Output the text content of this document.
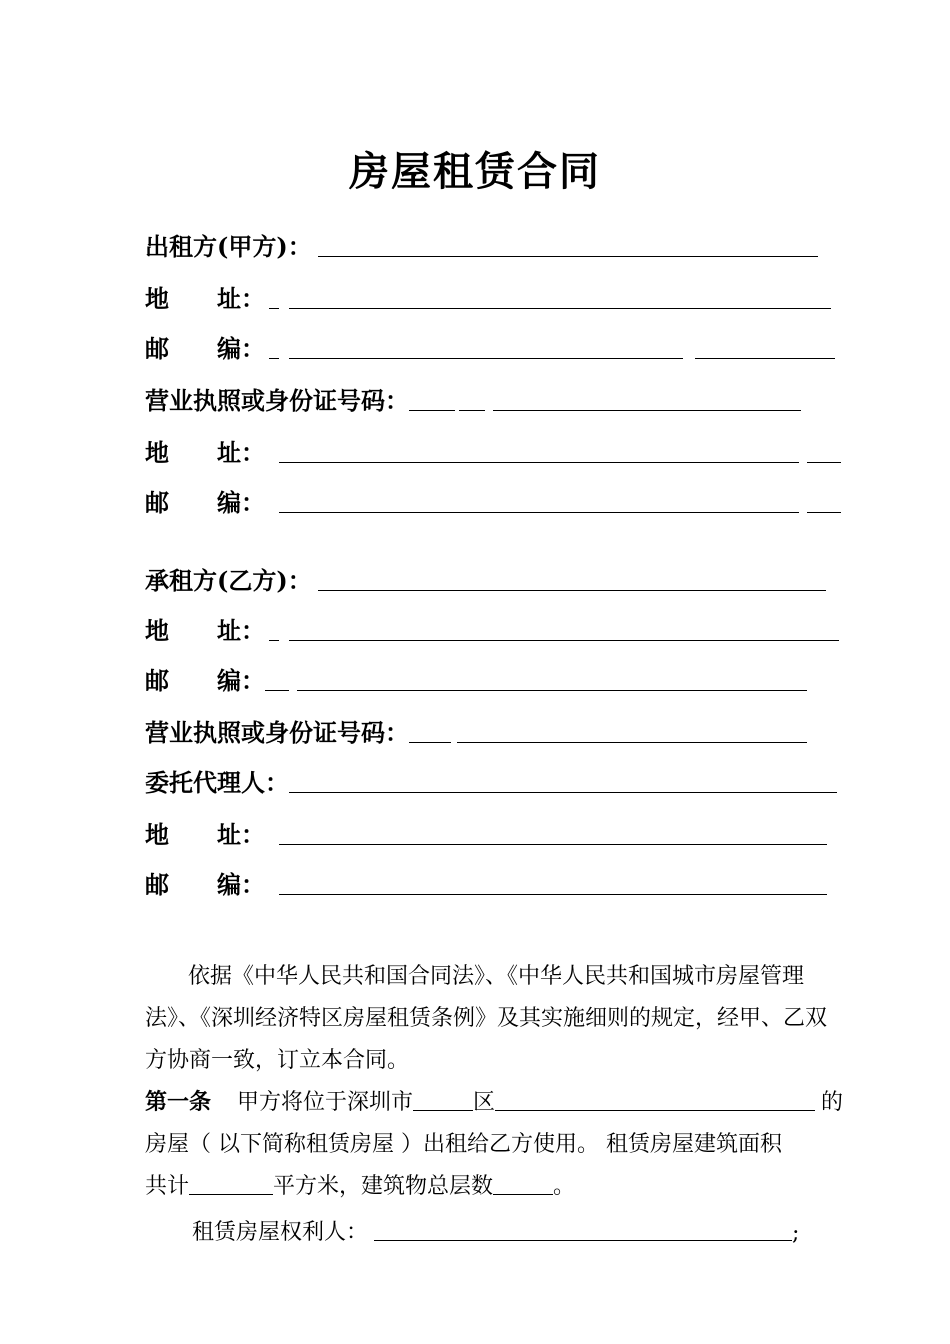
房屋租赁合同
出租方(甲方)：
地　　址：
邮　　编：
营业执照或身份证号码：
地　　址：
邮　　编：
承租方(乙方)：
地　　址：
邮　　编：
营业执照或身份证号码：
委托代理人：
地　　址：
邮　　编：
依据《中华人民共和国合同法》、《中华人民共和国城市房屋管理
法》、《深圳经济特区房屋租赁条例》及其实施细则的规定，经甲、乙双
方协商一致，订立本合同。
第一条 甲方将位于深圳市	区	的
房屋（ 以下简称租赁房屋 ）出租给乙方使用。 租赁房屋建筑面积
共计	平方米，建筑物总层数	。
租赁房屋权利人：	;
